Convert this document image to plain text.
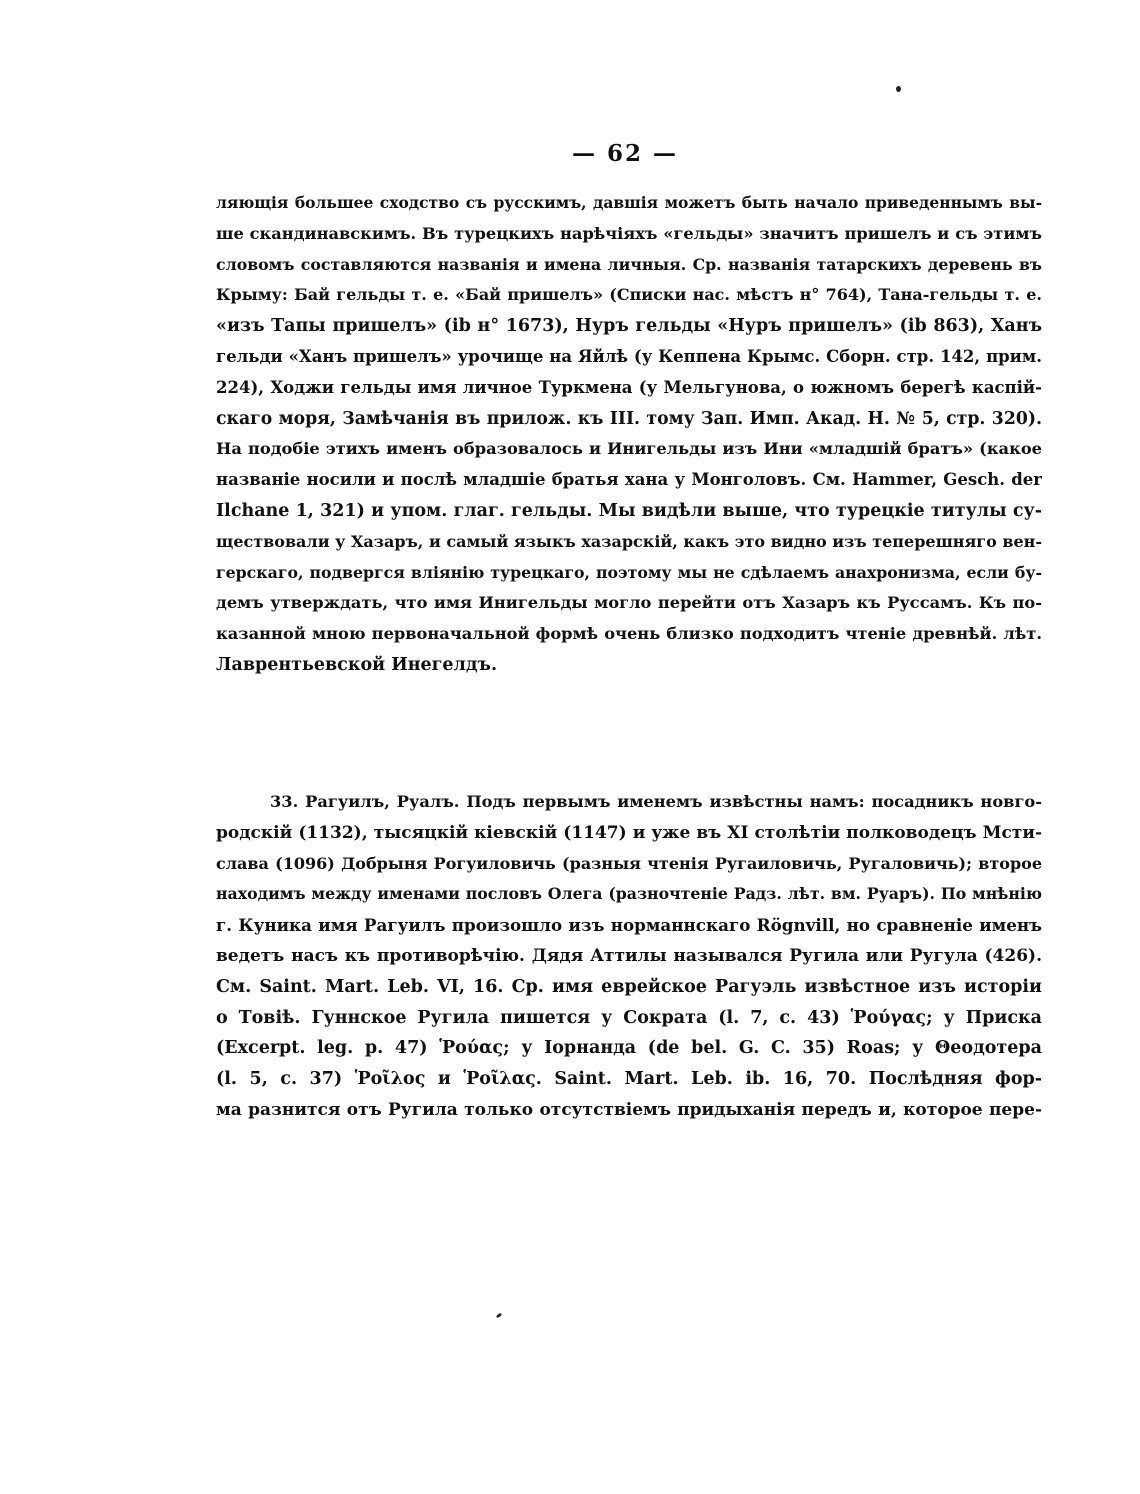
— 62 —
ляющія большее сходство съ русскимъ, давшія можетъ быть начало приведеннымъ вы-
ше скандинавскимъ. Въ турецкихъ нарѣчіяхъ «гельды» значитъ пришелъ и съ этимъ
словомъ составляются названія и имена личныя. Ср. названія татарскихъ деревень въ
Крыму: Бай гельды т. е. «Бай пришелъ» (Списки нас. мѣстъ н° 764), Тана-гельды т. е.
«изъ Тапы пришелъ» (ib н° 1673), Нуръ гельды «Нуръ пришелъ» (ib 863), Ханъ
гельди «Ханъ пришелъ» урочище на Яйлѣ (у Кеппена Крымс. Сборн. стр. 142, прим.
224), Ходжи гельды имя личное Туркмена (у Мельгунова, о южномъ берегѣ каспій-
скаго моря, Замѣчанія въ прилож. къ III. тому Зап. Имп. Акад. Н. № 5, стр. 320).
На подобіе этихъ именъ образовалось и Инигельды изъ Ини «младшій братъ» (какое
названіе носили и послѣ младшіе братья хана у Монголовъ. См. Hammer, Gesch. der
Ilchane 1, 321) и упом. глаг. гельды. Мы видѣли выше, что турецкіе титулы су-
ществовали у Хазаръ, и самый языкъ хазарскій, какъ это видно изъ теперешняго вен-
герскаго, подвергся вліянію турецкаго, поэтому мы не сдѣлаемъ анахронизма, если бу-
демъ утверждать, что имя Инигельды могло перейти отъ Хазаръ къ Руссамъ. Къ по-
казанной мною первоначальной формѣ очень близко подходитъ чтеніе древнѣй. лѣт.
Лаврентьевской Инегелдъ.
33. Рагуилъ, Руалъ. Подъ первымъ именемъ извѣстны намъ: посадникъ новго-
родскій (1132), тысяцкій кіевскій (1147) и уже въ XI столѣтіи полководецъ Мсти-
слава (1096) Добрыня Рогуиловичь (разныя чтенія Ругаиловичь, Ругаловичь); второе
находимъ между именами пословъ Олега (разночтеніе Радз. лѣт. вм. Руаръ). По мнѣнію
г. Куника имя Рагуилъ произошло изъ норманнскаго Rögnvill, но сравненіе именъ
ведетъ насъ къ противорѣчію. Дядя Аттилы назывался Ругила или Ругула (426).
См. Saint. Mart. Leb. VI, 16. Ср. имя еврейское Рагуэль извѣстное изъ исторіи
о Товіѣ. Гуннское Ругила пишется у Сократа (l. 7, c. 43) Ῥούγας; у Приска
(Excerpt. leg. p. 47) Ῥούας; у Іорнанда (de bel. G. C. 35) Roas; у Θеодотера
(l. 5, c. 37) Ῥοῖλος и Ῥοῖλας. Saint. Mart. Leb. ib. 16, 70. Послѣдняя фор-
ма разнится отъ Ругила только отсутствіемъ придыханія передъ и, которое пере-
